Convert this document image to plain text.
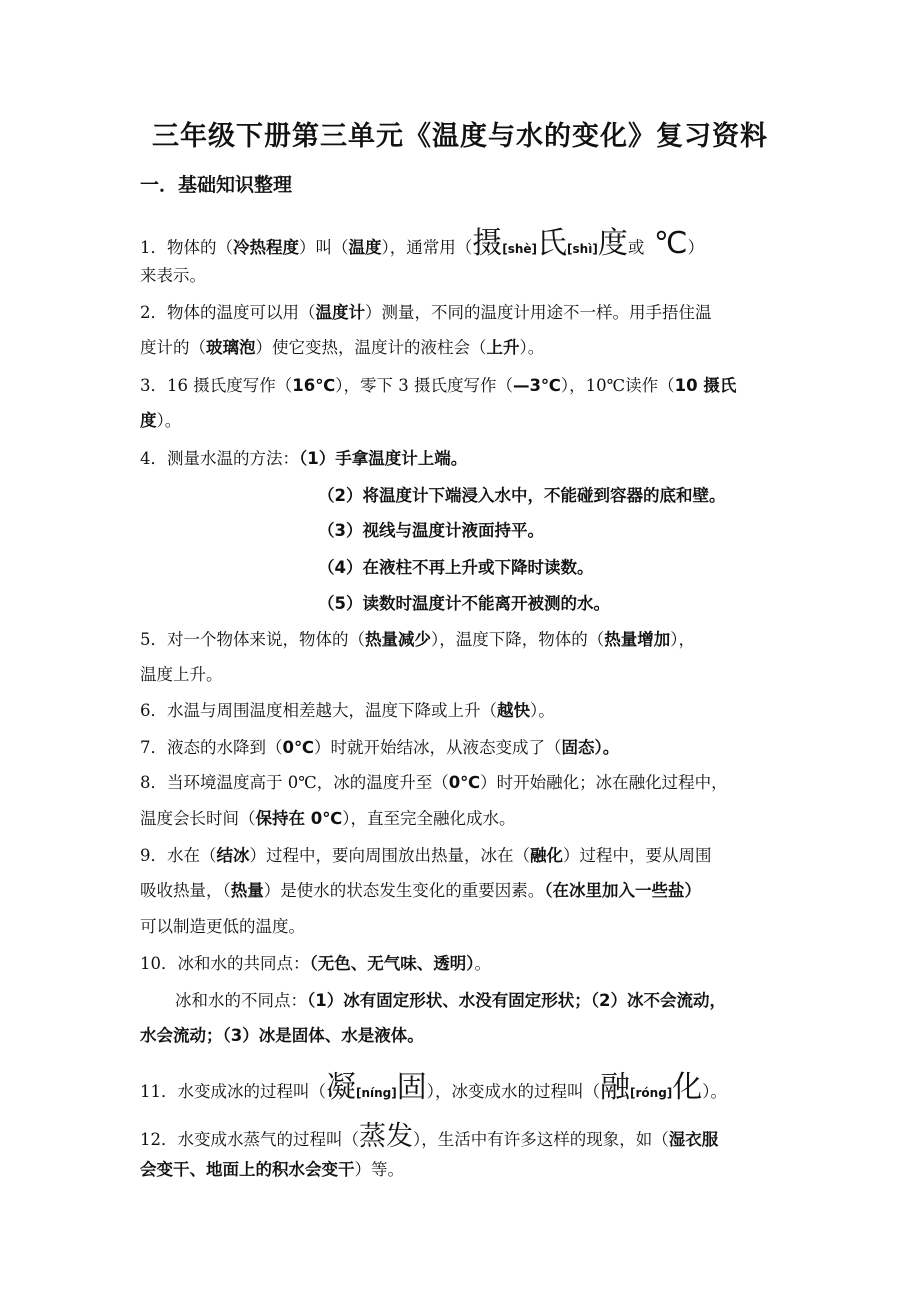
三年级下册第三单元《温度与水的变化》复习资料
一．基础知识整理
1．物体的（冷热程度）叫（温度），通常用（摄[shè]氏[shì]度或 ℃）
来表示。
2．物体的温度可以用（温度计）测量，不同的温度计用途不一样。用手捂住温
度计的（玻璃泡）使它变热，温度计的液柱会（上升）。
3．16 摄氏度写作（16℃），零下 3 摄氏度写作（—3℃），10℃读作（10 摄氏
度）。
4．测量水温的方法：（1）手拿温度计上端。
（2）将温度计下端浸入水中，不能碰到容器的底和壁。
（3）视线与温度计液面持平。
（4）在液柱不再上升或下降时读数。
（5）读数时温度计不能离开被测的水。
5．对一个物体来说，物体的（热量减少），温度下降，物体的（热量增加），
温度上升。
6．水温与周围温度相差越大，温度下降或上升（越快）。
7．液态的水降到（0℃）时就开始结冰，从液态变成了（固态）。
8．当环境温度高于 0℃，冰的温度升至（0℃）时开始融化；冰在融化过程中，
温度会长时间（保持在 0℃），直至完全融化成水。
9．水在（结冰）过程中，要向周围放出热量，冰在（融化）过程中，要从周围
吸收热量，（热量）是使水的状态发生变化的重要因素。（在冰里加入一些盐）
可以制造更低的温度。
10．冰和水的共同点：（无色、无气味、透明）。
冰和水的不同点：（1）冰有固定形状、水没有固定形状；（2）冰不会流动，
水会流动；（3）冰是固体、水是液体。
11．水变成冰的过程叫（凝[níng]固），冰变成水的过程叫（融[róng]化）。
12．水变成水蒸气的过程叫（蒸发），生活中有许多这样的现象，如（湿衣服
会变干、地面上的积水会变干）等。
